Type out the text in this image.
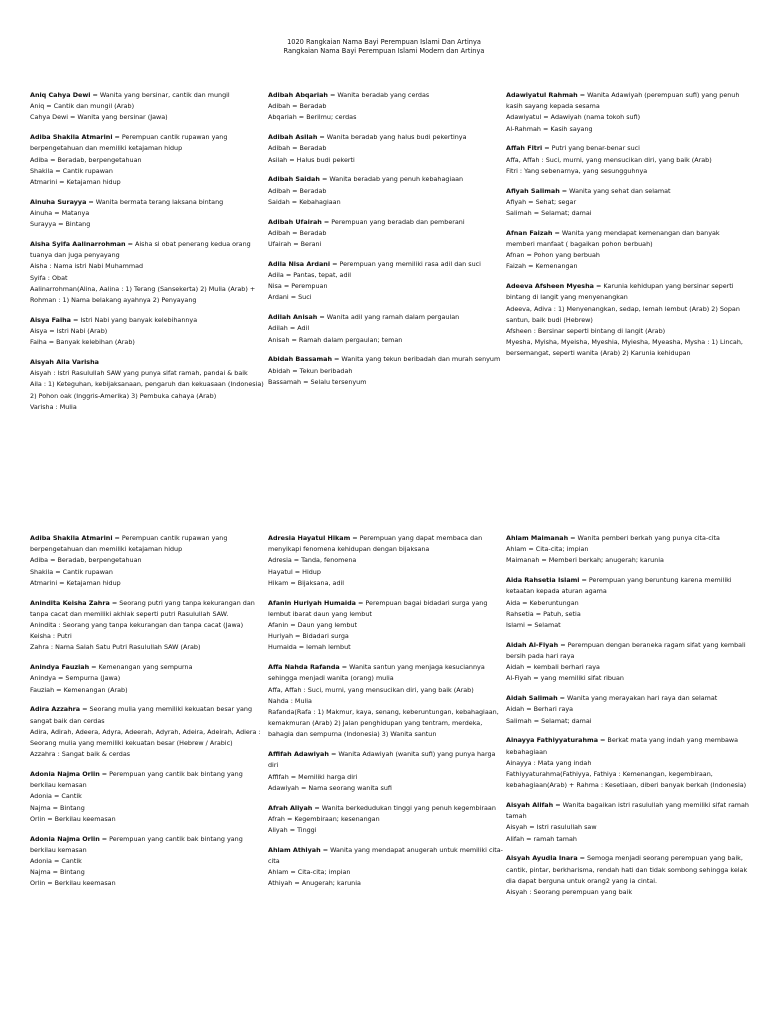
1020 Rangkaian Nama Bayi Perempuan Islami Dan Artinya
Rangkaian Nama Bayi Perempuan Islami Modern dan Artinya
Aniq Cahya Dewi = Wanita yang bersinar, cantik dan mungil
Aniq = Cantik dan mungil (Arab)
Cahya Dewi = Wanita yang bersinar (Jawa)
Adiba Shakila Atmarini = Perempuan cantik rupawan yang berpengetahuan dan memiliki ketajaman hidup
Adiba = Beradab, berpengetahuan
Shakila = Cantik rupawan
Atmarini = Ketajaman hidup
Ainuha Surayya = Wanita bermata terang laksana bintang
Ainuha = Matanya
Surayya = Bintang
Aisha Syifa Aalinarrohman = Aisha si obat penerang kedua orang tuanya dan juga penyayang
Aisha : Nama istri Nabi Muhammad
Syifa : Obat
Aalinarrohman(Alina, Aalina : 1) Terang (Sansekerta) 2) Mulia (Arab) + Rohman : 1) Nama belakang ayahnya 2) Penyayang
Aisya Faiha = Istri Nabi yang banyak kelebihannya
Aisya = Istri Nabi (Arab)
Faiha = Banyak kelebihan (Arab)
Aisyah Aila Varisha
Aisyah : Istri Rasulullah SAW yang punya sifat ramah, pandai & baik
Aila : 1) Keteguhan, kebijaksanaan, pengaruh dan kekuasaan (Indonesia) 2) Pohon oak (Inggris-Amerika) 3) Pembuka cahaya (Arab)
Varisha : Mulia
Adibah Abqariah = Wanita beradab yang cerdas
Adibah = Beradab
Abqariah = Berilmu; cerdas
Adibah Asilah = Wanita beradab yang halus budi pekertinya
Adibah = Beradab
Asilah = Halus budi pekerti
Adibah Saidah = Wanita beradab yang penuh kebahagiaan
Adibah = Beradab
Saidah = Kebahagiaan
Adibah Ufairah = Perempuan yang beradab dan pemberani
Adibah = Beradab
Ufairah = Berani
Adila Nisa Ardani = Perempuan yang memiliki rasa adil dan suci
Adila = Pantas, tepat, adil
Nisa = Perempuan
Ardani = Suci
Adilah Anisah = Wanita adil yang ramah dalam pergaulan
Adilah = Adil
Anisah = Ramah dalam pergaulan; teman
Abidah Bassamah = Wanita yang tekun beribadah dan murah senyum
Abidah = Tekun beribadah
Bassamah = Selalu tersenyum
Adawiyatul Rahmah = Wanita Adawiyah (perempuan sufi) yang penuh kasih sayang kepada sesama
Adawiyatul = Adawiyah (nama tokoh sufi)
Al-Rahmah = Kasih sayang
Affah Fitri = Putri yang benar-benar suci
Affa, Affah : Suci, murni, yang mensucikan diri, yang baik (Arab)
Fitri : Yang sebenarnya, yang sesungguhnya
Afiyah Salimah = Wanita yang sehat dan selamat
Afiyah = Sehat; segar
Salimah = Selamat; damai
Afnan Faizah = Wanita yang mendapat kemenangan dan banyak memberi manfaat ( bagaikan pohon berbuah)
Afnan = Pohon yang berbuah
Faizah = Kemenangan
Adeeva Afsheen Myesha = Karunia kehidupan yang bersinar seperti bintang di langit yang menyenangkan
Adeeva, Adiva : 1) Menyenangkan, sedap, lemah lembut (Arab) 2) Sopan santun, baik budi (Hebrew)
Afsheen : Bersinar seperti bintang di langit (Arab)
Myesha, Myisha, Myeisha, Myeshia, Myiesha, Myeasha, Mysha : 1) Lincah, bersemangat, seperti wanita (Arab) 2) Karunia kehidupan
Adiba Shakila Atmarini = Perempuan cantik rupawan yang berpengetahuan dan memiliki ketajaman hidup
Adiba = Beradab, berpengetahuan
Shakila = Cantik rupawan
Atmarini = Ketajaman hidup
Anindita Keisha Zahra = Seorang putri yang tanpa kekurangan dan tanpa cacat dan memiliki akhlak seperti putri Rasulullah SAW.
Anindita : Seorang yang tanpa kekurangan dan tanpa cacat (Jawa)
Keisha : Putri
Zahra : Nama Salah Satu Putri Rasulullah SAW (Arab)
Anindya Fauziah = Kemenangan yang sempurna
Anindya = Sempurna (Jawa)
Fauziah = Kemenangan (Arab)
Adira Azzahra = Seorang mulia yang memiliki kekuatan besar yang sangat baik dan cerdas
Adira, Adirah, Adeera, Adyra, Adeerah, Adyrah, Adeira, Adeirah, Adiera : Seorang mulia yang memiliki kekuatan besar (Hebrew / Arabic)
Azzahra : Sangat baik & cerdas
Adonia Najma Orlin = Perempuan yang cantik bak bintang yang berkilau kemasan
Adonia = Cantik
Najma = Bintang
Orlin = Berkilau keemasan
Adonia Najma Orlin = Perempuan yang cantik bak bintang yang berkilau kemasan
Adonia = Cantik
Najma = Bintang
Orlin = Berkilau keemasan
Adresia Hayatul Hikam = Perempuan yang dapat membaca dan menyikapi fenomena kehidupan dengan bijaksana
Adresia = Tanda, fenomena
Hayatul = Hidup
Hikam = Bijaksana, adil
Afanin Huriyah Humaida = Perempuan bagai bidadari surga yang lembut ibarat daun yang lembut
Afanin = Daun yang lembut
Huriyah = Bidadari surga
Humaida = lemah lembut
Affa Nahda Rafanda = Wanita santun yang menjaga kesuciannya sehingga menjadi wanita (orang) mulia
Affa, Affah : Suci, murni, yang mensucikan diri, yang baik (Arab)
Nahda : Mulia
Rafanda(Rafa : 1) Makmur, kaya, senang, keberuntungan, kebahagiaan, kemakmuran (Arab) 2) Jalan penghidupan yang tentram, merdeka, bahagia dan sempurna (Indonesia) 3) Wanita santun
Affifah Adawiyah = Wanita Adawiyah (wanita sufi) yang punya harga diri
Affifah = Memiliki harga diri
Adawiyah = Nama seorang wanita sufi
Afrah Aliyah = Wanita berkedudukan tinggi yang penuh kegembiraan
Afrah = Kegembiraan; kesenangan
Aliyah = Tinggi
Ahlam Athiyah = Wanita yang mendapat anugerah untuk memiliki cita-cita
Ahlam = Cita-cita; impian
Athiyah = Anugerah; karunia
Ahlam Maimanah = Wanita pemberi berkah yang punya cita-cita
Ahlam = Cita-cita; impian
Maimanah = Memberi berkah; anugerah; karunia
Aida Rahsetia Islami = Perempuan yang beruntung karena memiliki ketaatan kepada aturan agama
Aida = Keberuntungan
Rahsetia = Patuh, setia
Islami = Selamat
Aidah Al-Fiyah = Perempuan dengan beraneka ragam sifat yang kembali bersih pada hari raya
Aidah = kembali berhari raya
Al-Fiyah = yang memiliki sifat ribuan
Aidah Salimah = Wanita yang merayakan hari raya dan selamat
Aidah = Berhari raya
Salimah = Selamat; damai
Ainayya Fathiyyaturahma = Berkat mata yang indah yang membawa kebahagiaan
Ainayya : Mata yang indah
Fathiyyaturahma(Fathiyya, Fathiya : Kemenangan, kegembiraan, kebahagiaan(Arab) + Rahma : Kesetiaan, diberi banyak berkah (Indonesia)
Aisyah Alifah = Wanita bagaikan istri rasulullah yang memiliki sifat ramah tamah
Aisyah = Istri rasulullah saw
Alifah = ramah tamah
Aisyah Ayudia Inara = Semoga menjadi seorang perempuan yang baik, cantik, pintar, berkharisma, rendah hati dan tidak sombong sehingga kelak dia dapat berguna untuk orang2 yang ia cintai.
Aisyah : Seorang perempuan yang baik
